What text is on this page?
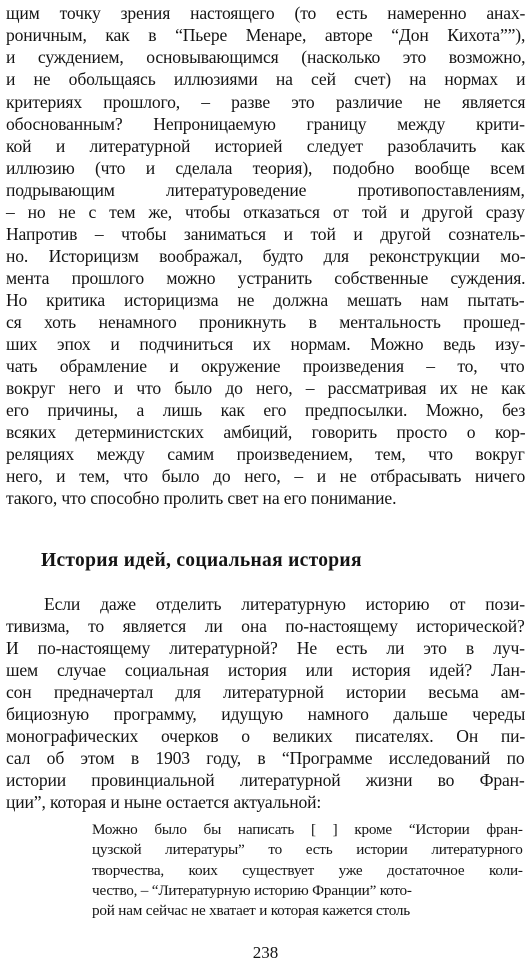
щим точку зрения настоящего (то есть намеренно анах-
роничным, как в “Пьере Менаре, авторе “Дон Кихота””),
и суждением, основывающимся (насколько это возможно,
и не обольщаясь иллюзиями на сей счет) на нормах и
критериях прошлого, – разве это различие не является
обоснованным? Непроницаемую границу между крити-
кой и литературной историей следует разоблачить как
иллюзию (что и сделала теория), подобно вообще всем
подрывающим литературоведение противопоставлениям,
– но не с тем же, чтобы отказаться от той и другой сразу
Напротив – чтобы заниматься и той и другой сознатель-
но. Историцизм воображал, будто для реконструкции мо-
мента прошлого можно устранить собственные суждения.
Но критика историцизма не должна мешать нам пытать-
ся хоть ненамного проникнуть в ментальность прошед-
ших эпох и подчиниться их нормам. Можно ведь изу-
чать обрамление и окружение произведения – то, что
вокруг него и что было до него, – рассматривая их не как
его причины, а лишь как его предпосылки. Можно, без
всяких детерминистских амбиций, говорить просто о кор-
реляциях между самим произведением, тем, что вокруг
него, и тем, что было до него, – и не отбрасывать ничего
такого, что способно пролить свет на его понимание.
История идей, социальная история
Если даже отделить литературную историю от пози-
тивизма, то является ли она по-настоящему исторической?
И по-настоящему литературной? Не есть ли это в луч-
шем случае социальная история или история идей? Лан-
сон предначертал для литературной истории весьма ам-
бициозную программу, идущую намного дальше череды
монографических очерков о великих писателях. Он пи-
сал об этом в 1903 году, в “Программе исследований по
истории провинциальной литературной жизни во Фран-
ции”, которая и ныне остается актуальной:
Можно было бы написать [ ] кроме “Истории фран-
цузской литературы” то есть истории литературного
творчества, коих существует уже достаточное коли-
чество, – “Литературную историю Франции” кото-
рой нам сейчас не хватает и которая кажется столь
238
